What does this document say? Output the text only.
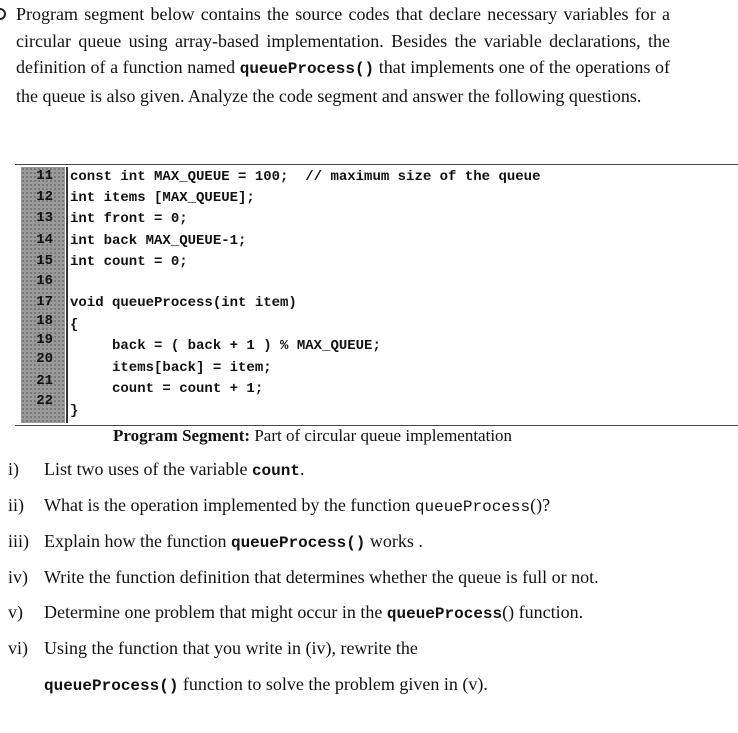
Program segment below contains the source codes that declare necessary variables for a circular queue using array-based implementation. Besides the variable declarations, the definition of a function named queueProcess() that implements one of the operations of the queue is also given. Analyze the code segment and answer the following questions.

11
12
13
14
15
16
17
18
19
20
21
22
const int MAX_QUEUE = 100;  // maximum size of the queue
int items [MAX_QUEUE];
int front = 0;
int back MAX_QUEUE-1;
int count = 0;
void queueProcess(int item)
{
back = ( back + 1 ) % MAX_QUEUE;
items[back] = item;
count = count + 1;
}
Program Segment: Part of circular queue implementation
i) List two uses of the variable count.
ii) What is the operation implemented by the function queueProcess()?
iii) Explain how the function queueProcess() works .
iv) Write the function definition that determines whether the queue is full or not.
v) Determine one problem that might occur in the queueProcess() function.
vi) Using the function that you write in (iv), rewrite the
queueProcess() function to solve the problem given in (v).
